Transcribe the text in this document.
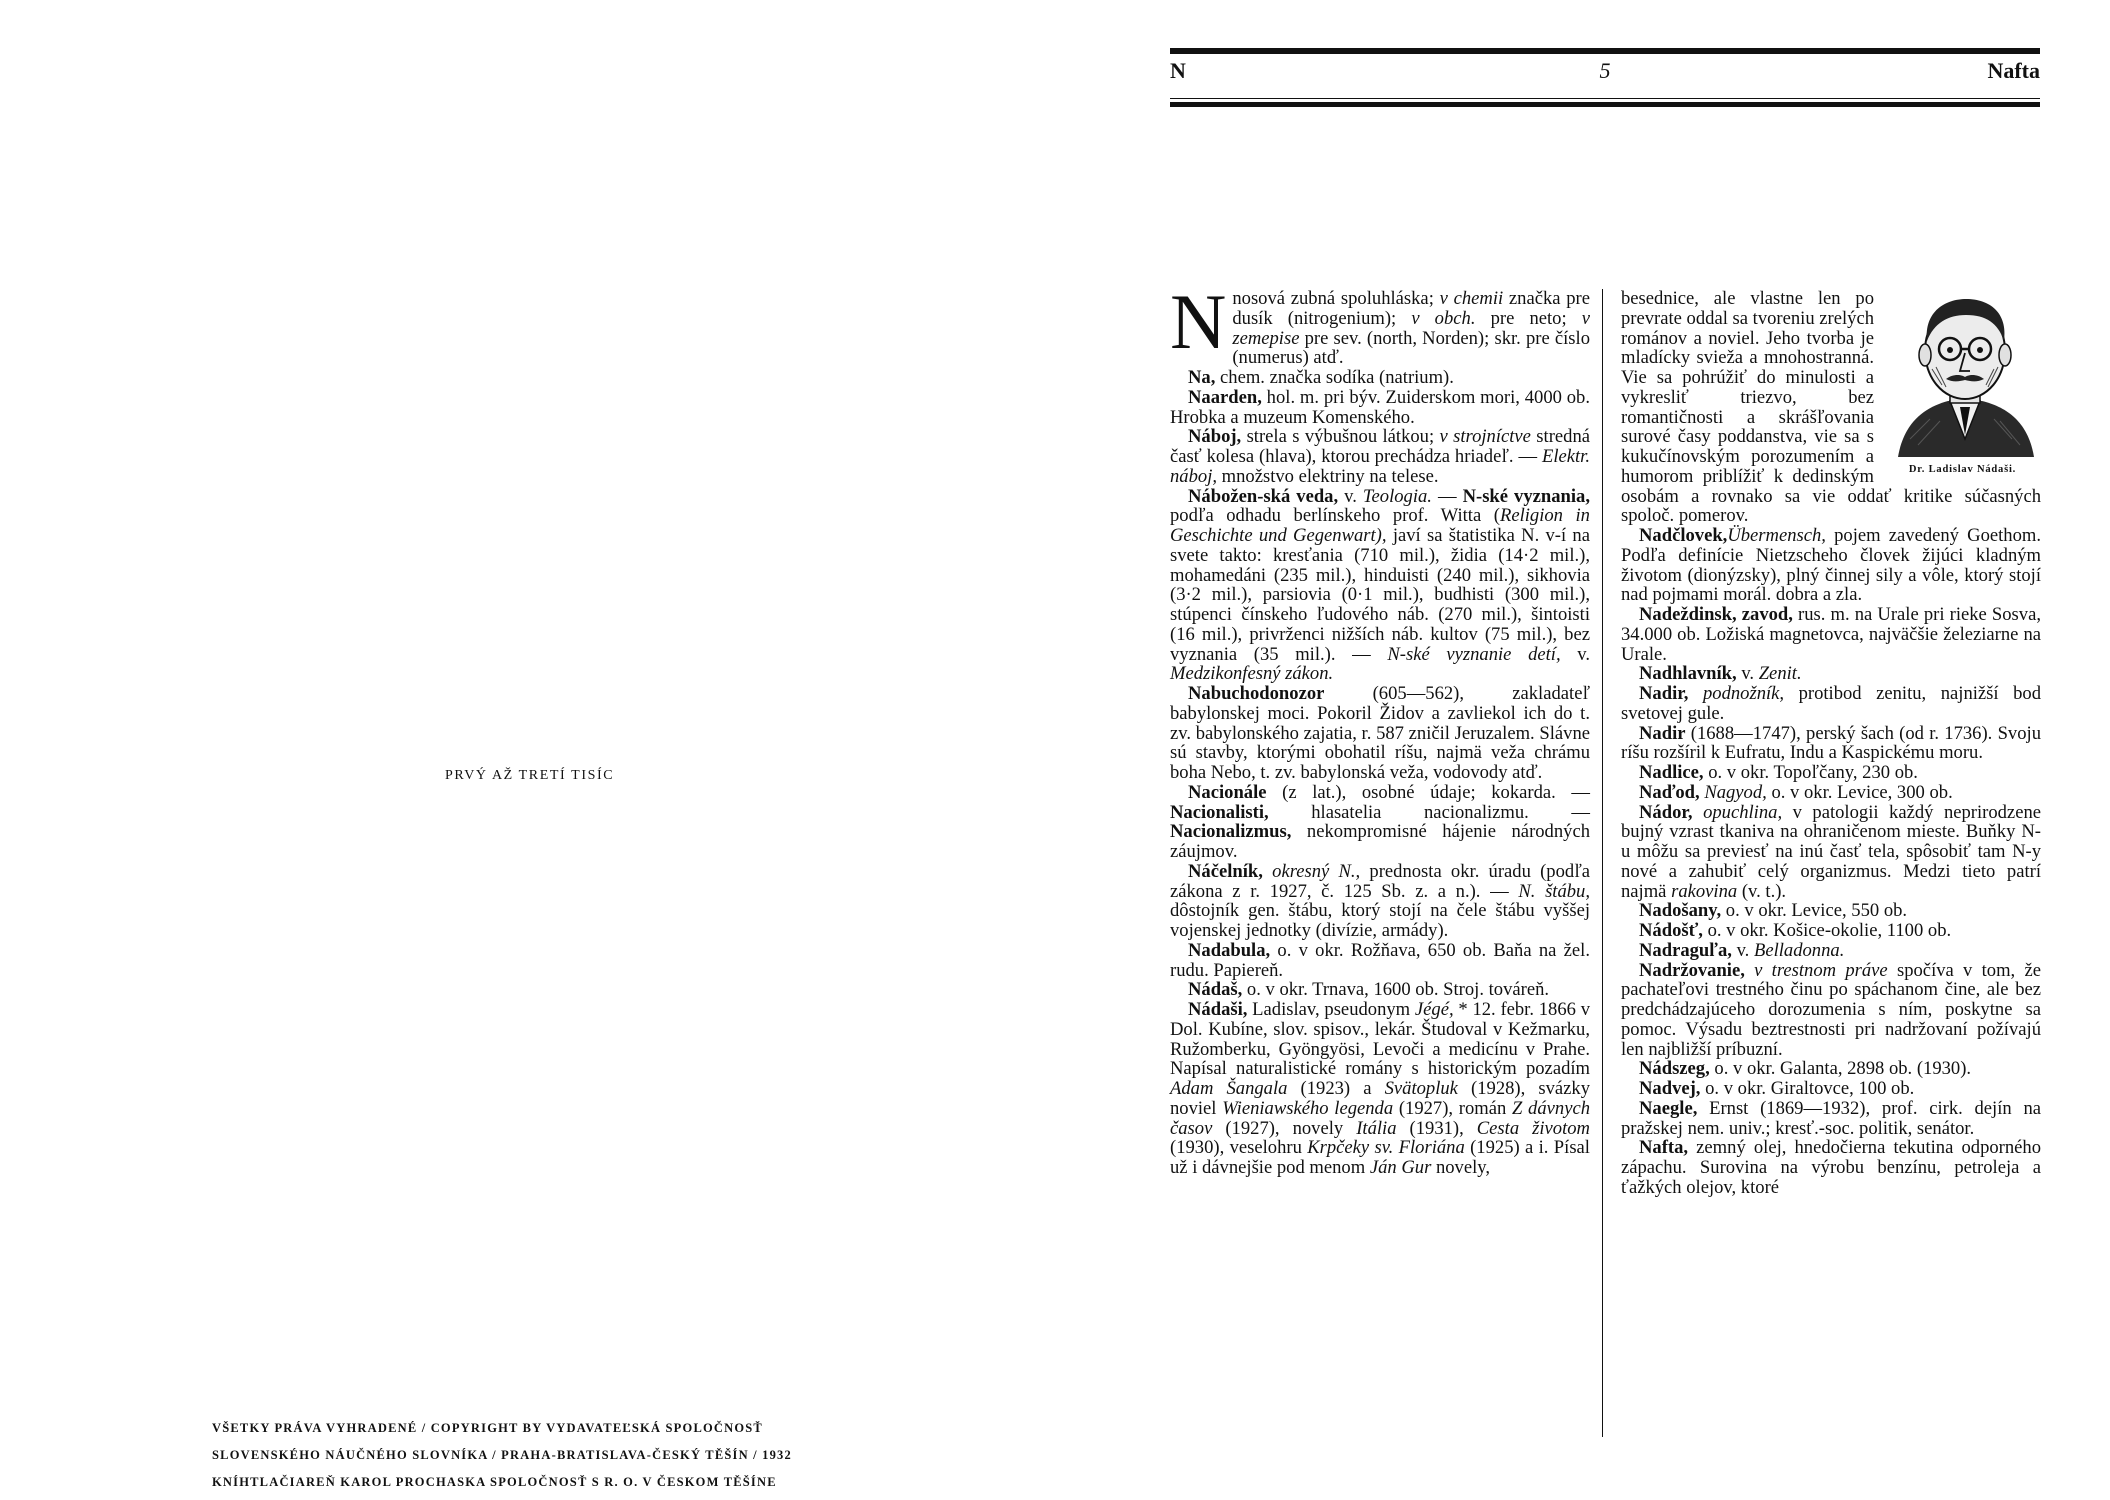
PRVÝ AŽ TRETÍ TISÍC
VŠETKY PRÁVA VYHRADENÉ / COPYRIGHT BY VYDAVATEĽSKÁ SPOLOČNOSŤ
SLOVENSKÉHO NÁUČNÉHO SLOVNÍKA / PRAHA-BRATISLAVA-ČESKÝ TĚŠÍN / 1932
KNÍHTLAČIAREŇ KAROL PROCHASKA SPOLOČNOSŤ S R. O. V ČESKOM TĚŠÍNE
N	5	Nafta

Nnosová zubná spoluhláska; v chemii značka pre dusík (nitrogenium); v obch. pre neto; v zemepise pre sev. (north, Norden); skr. pre číslo (numerus) atď.

Na, chem. značka sodíka (natrium).

Naarden, hol. m. pri býv. Zuiderskom mori, 4000 ob. Hrobka a muzeum Komenského.

Náboj, strela s výbušnou látkou; v strojníctve stredná časť kolesa (hlava), ktorou prechádza hriadeľ. — Elektr. náboj, množstvo elektriny na telese.

Nábožen-ská veda, v. Teologia. — N-ské vyznania, podľa odhadu berlínskeho prof. Witta (Religion in Geschichte und Gegenwart), javí sa štatistika N. v-í na svete takto: kresťania (710 mil.), židia (14·2 mil.), mohamedáni (235 mil.), hinduisti (240 mil.), sikhovia (3·2 mil.), parsiovia (0·1 mil.), budhisti (300 mil.), stúpenci čínskeho ľudového náb. (270 mil.), šintoisti (16 mil.), privrženci nižších náb. kultov (75 mil.), bez vyznania (35 mil.). — N-ské vyznanie detí, v. Medzikonfesný zákon.

Nabuchodonozor (605—562), zakladateľ babylonskej moci. Pokoril Židov a zavliekol ich do t. zv. babylonského zajatia, r. 587 zničil Jeruzalem. Slávne sú stavby, ktorými obohatil ríšu, najmä veža chrámu boha Nebo, t. zv. babylonská veža, vodovody atď.

Nacionále (z lat.), osobné údaje; kokarda. — Nacionalisti, hlasatelia nacionalizmu. — Nacionalizmus, nekompromisné hájenie národných záujmov.

Náčelník, okresný N., prednosta okr. úradu (podľa zákona z r. 1927, č. 125 Sb. z. a n.). — N. štábu, dôstojník gen. štábu, ktorý stojí na čele štábu vyššej vojenskej jednotky (divízie, armády).

Nadabula, o. v okr. Rožňava, 650 ob. Baňa na žel. rudu. Papiereň.

Nádaš, o. v okr. Trnava, 1600 ob. Stroj. továreň.

Nádaši, Ladislav, pseudonym Jégé, * 12. febr. 1866 v Dol. Kubíne, slov. spisov., lekár. Študoval v Kežmarku, Ružomberku, Gyöngyösi, Levoči a medicínu v Prahe. Napísal naturalistické romány s historickým pozadím Adam Šangala (1923) a Svätopluk (1928), svázky noviel Wieniawského legenda (1927), román Z dávnych časov (1927), novely Itália (1931), Cesta životom (1930), veselohru Krpčeky sv. Floriána (1925) a i. Písal už i dávnejšie pod menom Ján Gur novely,

Dr. Ladislav Nádaši.
besednice, ale vlastne len po prevrate oddal sa tvoreniu zrelých románov a noviel. Jeho tvorba je mladícky svieža a mnohostranná. Vie sa pohrúžiť do minulosti a vykresliť triezvo, bez romantičnosti a skrášľovania surové časy poddanstva, vie sa s kukučínovským porozumením a humorom priblížiť k dedinským osobám a rovnako sa vie oddať kritike súčasných spoloč. pomerov.

Nadčlovek,Übermensch, pojem zavedený Goethom. Podľa definície Nietzscheho človek žijúci kladným životom (dionýzsky), plný činnej sily a vôle, ktorý stojí nad pojmami morál. dobra a zla.

Nadeždinsk, zavod, rus. m. na Urale pri rieke Sosva, 34.000 ob. Ložiská magnetovca, najväčšie železiarne na Urale.

Nadhlavník, v. Zenit.

Nadir, podnožník, protibod zenitu, najnižší bod svetovej gule.

Nadir (1688—1747), perský šach (od r. 1736). Svoju ríšu rozšíril k Eufratu, Indu a Kaspickému moru.

Nadlice, o. v okr. Topoľčany, 230 ob.

Naďod, Nagyod, o. v okr. Levice, 300 ob.

Nádor, opuchlina, v patologii každý neprirodzene bujný vzrast tkaniva na ohraničenom mieste. Buňky N-u môžu sa previesť na inú časť tela, spôsobiť tam N-y nové a zahubiť celý organizmus. Medzi tieto patrí najmä rakovina (v. t.).

Nadošany, o. v okr. Levice, 550 ob.

Nádošť, o. v okr. Košice-okolie, 1100 ob.

Nadraguľa, v. Belladonna.

Nadržovanie, v trestnom práve spočíva v tom, že pachateľovi trestného činu po spáchanom čine, ale bez predchádzajúceho dorozumenia s ním, poskytne sa pomoc. Výsadu beztrestnosti pri nadržovaní požívajú len najbližší príbuzní.

Nádszeg, o. v okr. Galanta, 2898 ob. (1930).

Nadvej, o. v okr. Giraltovce, 100 ob.

Naegle, Ernst (1869—1932), prof. cirk. dejín na pražskej nem. univ.; kresť.-soc. politik, senátor.

Nafta, zemný olej, hnedočierna tekutina odporného zápachu. Surovina na výrobu benzínu, petroleja a ťažkých olejov, ktoré
